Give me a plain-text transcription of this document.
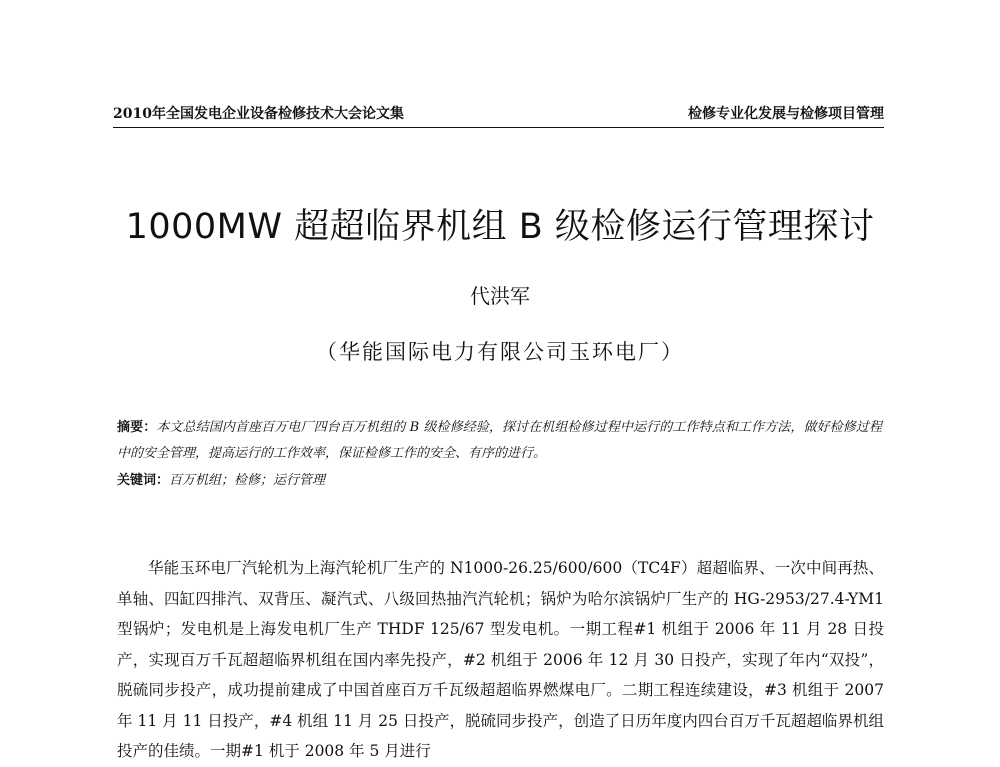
2010年全国发电企业设备检修技术大会论文集	检修专业化发展与检修项目管理
1000MW 超超临界机组 B 级检修运行管理探讨
代洪军
（华能国际电力有限公司玉环电厂）
摘要：本文总结国内首座百万电厂四台百万机组的 B 级检修经验，探讨在机组检修过程中运行的工作特点和工作方法，做好检修过程中的安全管理，提高运行的工作效率，保证检修工作的安全、有序的进行。
关键词：百万机组；检修；运行管理
华能玉环电厂汽轮机为上海汽轮机厂生产的 N1000-26.25/600/600（TC4F）超超临界、一次中间再热、单轴、四缸四排汽、双背压、凝汽式、八级回热抽汽汽轮机；锅炉为哈尔滨锅炉厂生产的 HG-2953/27.4-YM1 型锅炉；发电机是上海发电机厂生产 THDF 125/67 型发电机。一期工程#1 机组于 2006 年 11 月 28 日投产，实现百万千瓦超超临界机组在国内率先投产，#2 机组于 2006 年 12 月 30 日投产，实现了年内“双投”，脱硫同步投产，成功提前建成了中国首座百万千瓦级超超临界燃煤电厂。二期工程连续建设，#3 机组于 2007 年 11 月 11 日投产，#4 机组 11 月 25 日投产，脱硫同步投产，创造了日历年度内四台百万千瓦超超临界机组投产的佳绩。一期#1 机于 2008 年 5 月进行
